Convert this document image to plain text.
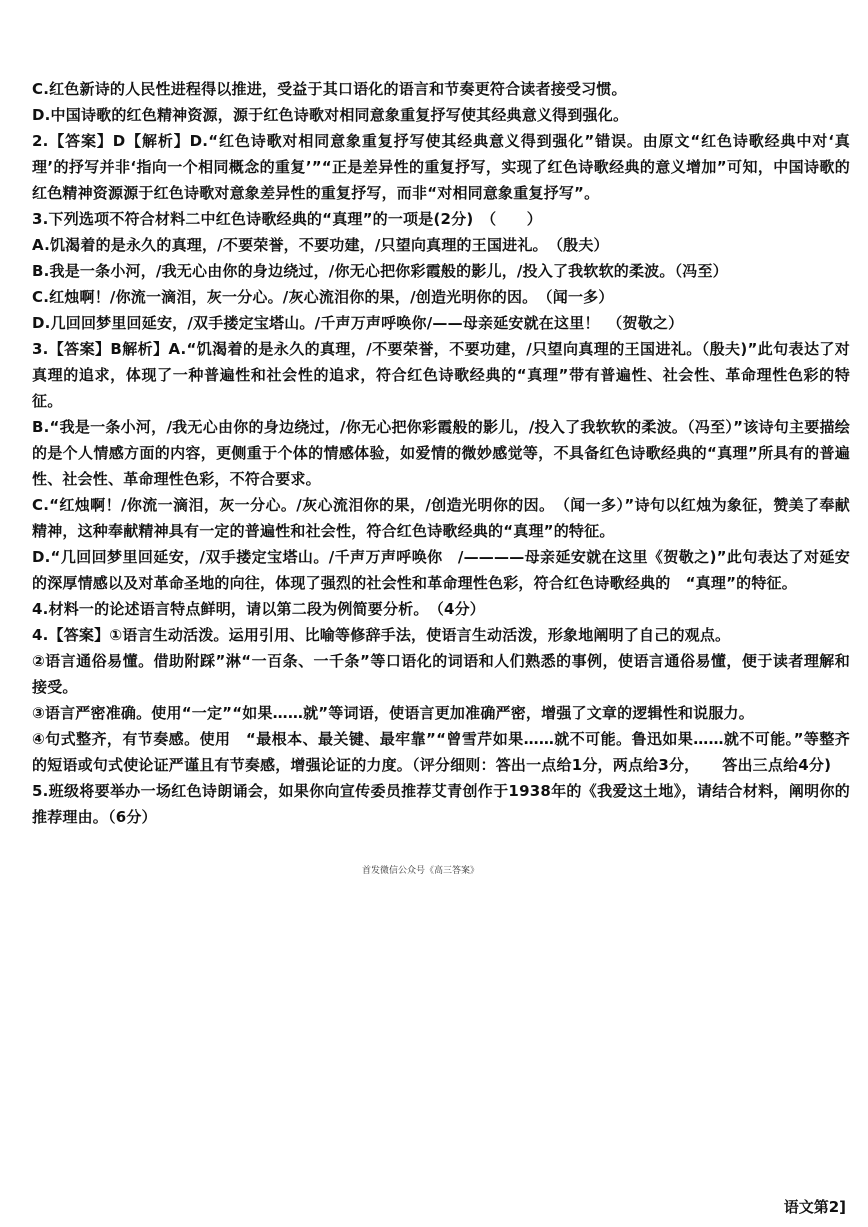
C.红色新诗的人民性进程得以推进，受益于其口语化的语言和节奏更符合读者接受习惯。

D.中国诗歌的红色精神资源，源于红色诗歌对相同意象重复抒写使其经典意义得到强化。

2.【答案】D【解析】D.“红色诗歌对相同意象重复抒写使其经典意义得到强化”错误。由原文“红色诗歌经典中对‘真理’的抒写并非‘指向一个相同概念的重复’”“正是差异性的重复抒写，实现了红色诗歌经典的意义增加”可知，中国诗歌的红色精神资源源于红色诗歌对意象差异性的重复抒写，而非“对相同意象重复抒写”。

3.下列选项不符合材料二中红色诗歌经典的“真理”的一项是(2分)　（　　）

A.饥渴着的是永久的真理，/不要荣誉，不要功建，/只望向真理的王国进礼。　（殷夫）

B.我是一条小河，/我无心由你的身边绕过，/你无心把你彩霞般的影儿，/投入了我软软的柔波。（冯至）

C.红烛啊！/你流一滴泪，灰一分心。/灰心流泪你的果，/创造光明你的因。　（闻一多）

D.几回回梦里回延安，/双手搂定宝塔山。/千声万声呼唤你/——母亲延安就在这里！　（贺敬之）

3.【答案】B解析】A.“饥渴着的是永久的真理，/不要荣誉，不要功建，/只望向真理的王国进礼。（殷夫)”此句表达了对真理的追求，体现了一种普遍性和社会性的追求，符合红色诗歌经典的“真理”带有普遍性、社会性、革命理性色彩的特征。

B.“我是一条小河，/我无心由你的身边绕过，/你无心把你彩霞般的影儿，/投入了我软软的柔波。（冯至）”该诗句主要描绘的是个人情感方面的内容，更侧重于个体的情感体验，如爱情的微妙感觉等，不具备红色诗歌经典的“真理”所具有的普遍性、社会性、革命理性色彩，不符合要求。

C.“红烛啊！/你流一滴泪，灰一分心。/灰心流泪你的果，/创造光明你的因。　（闻一多）”诗句以红烛为象征，赞美了奉献精神，这种奉献精神具有一定的普遍性和社会性，符合红色诗歌经典的“真理”的特征。

D.“几回回梦里回延安，/双手搂定宝塔山。/千声万声呼唤你　/————母亲延安就在这里《贺敬之)”此句表达了对延安的深厚情感以及对革命圣地的向往，体现了强烈的社会性和革命理性色彩，符合红色诗歌经典的　“真理”的特征。

4.材料一的论述语言特点鲜明，请以第二段为例简要分析。　（4分）

4.【答案】①语言生动活泼。运用引用、比喻等修辞手法，使语言生动活泼，形象地阐明了自己的观点。

②语言通俗易懂。借助附踩”淋“一百条、一千条”等口语化的词语和人们熟悉的事例，使语言通俗易懂，便于读者理解和接受。

③语言严密准确。使用“一定”“如果……就”等词语，使语言更加准确严密，增强了文章的逻辑性和说服力。

④句式整齐，有节奏感。使用　“最根本、最关键、最牢靠”“曾雪芹如果……就不可能。鲁迅如果……就不可能。”等整齐的短语或句式使论证严谨且有节奏感，增强论证的力度。（评分细则：答出一点给1分，两点给3分，　　答出三点给4分)

5.班级将要举办一场红色诗朗诵会，如果你向宣传委员推荐艾青创作于1938年的《我爱这土地》，请结合材料，阐明你的推荐理由。（6分）

首发微信公众号《高三答案》
语文第2]
